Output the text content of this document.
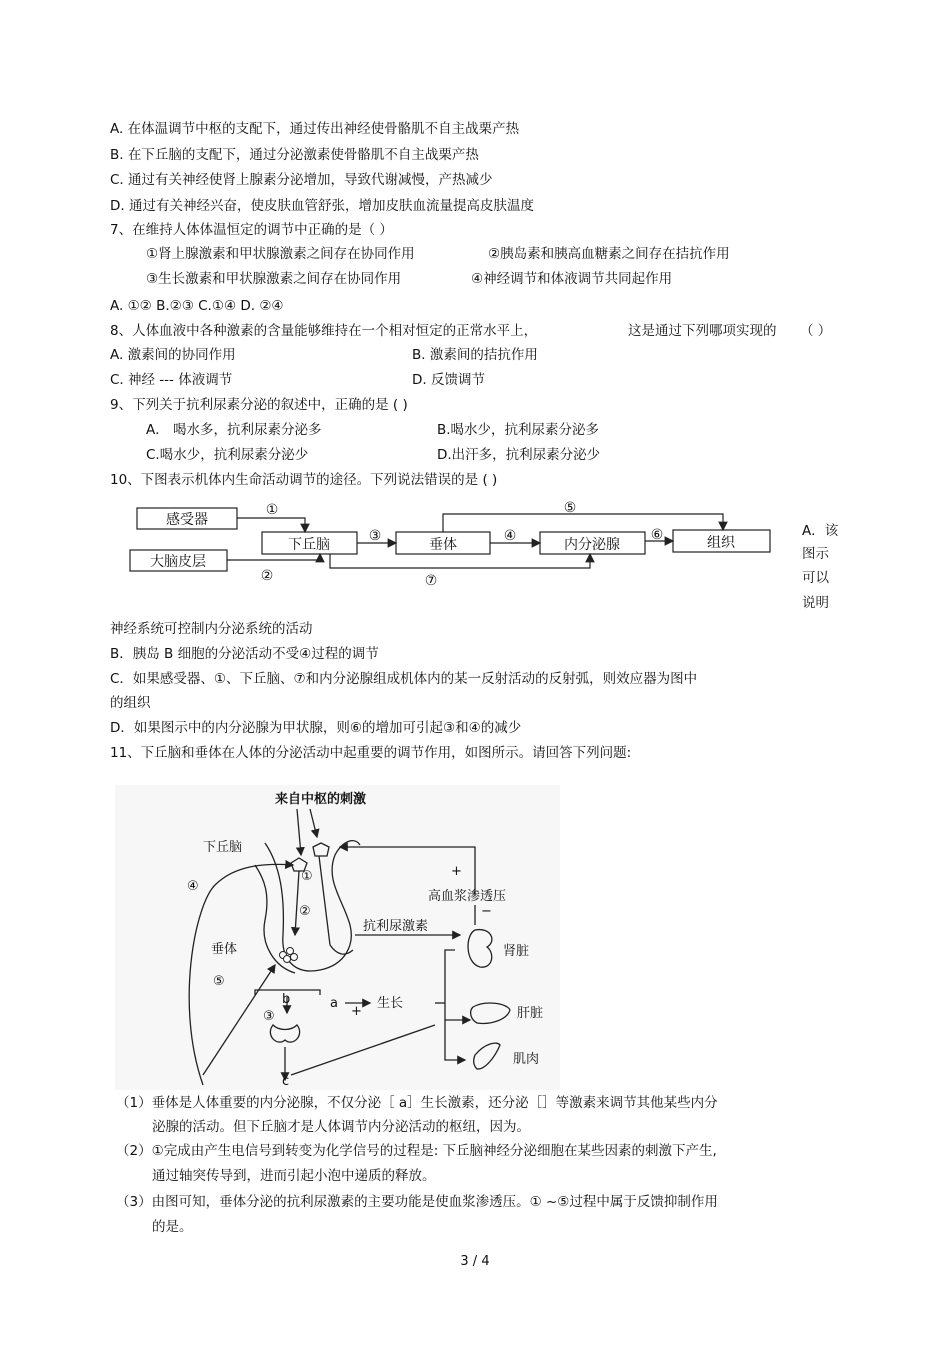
A. 在体温调节中枢的支配下，通过传出神经使骨骼肌不自主战栗产热
B. 在下丘脑的支配下，通过分泌激素使骨骼肌不自主战栗产热
C. 通过有关神经使肾上腺素分泌增加，导致代谢减慢，产热减少
D. 通过有关神经兴奋，使皮肤血管舒张，增加皮肤血流量提高皮肤温度
7、在维持人体体温恒定的调节中正确的是（ ）
①肾上腺激素和甲状腺激素之间存在协同作用	②胰岛素和胰高血糖素之间存在拮抗作用
③生长激素和甲状腺激素之间存在协同作用	④神经调节和体液调节共同起作用
A. ①② B.②③ C.①④ D. ②④
8、人体血液中各种激素的含量能够维持在一个相对恒定的正常水平上，	这是通过下列哪项实现的 （ ）
A. 激素间的协同作用	B. 激素间的拮抗作用
C. 神经 --- 体液调节	D. 反馈调节
9、下列关于抗利尿素分泌的叙述中，正确的是 ( )
A． 喝水多，抗利尿素分泌多	B.喝水少，抗利尿素分泌多
C.喝水少，抗利尿素分泌少	D.出汗多，抗利尿素分泌少
10、下图表示机体内生命活动调节的途径。下列说法错误的是 ( )
感受器
大脑皮层
下丘脑	垂体	内分泌腺	组织
①
②
③	④
⑤
⑥
⑦
A．该
图示
可以
说明
神经系统可控制内分泌系统的活动
B．胰岛 B 细胞的分泌活动不受④过程的调节
C．如果感受器、①、下丘脑、⑦和内分泌腺组成机体内的某一反射活动的反射弧，则效应器为图中
的组织
D．如果图示中的内分泌腺为甲状腺，则⑥的增加可引起③和④的减少
11、下丘脑和垂体在人体的分泌活动中起重要的调节作用，如图所示。请回答下列问题:
来自中枢的刺激
下丘脑
垂体
抗利尿激素
高血浆渗透压
肾脏
肝脏
肌肉
生长
+
−
+
a
b
c
①
②
③
④
⑤
（1）垂体是人体重要的内分泌腺，不仅分泌［ a］生长激素，还分泌［］等激素来调节其他某些内分
泌腺的活动。但下丘脑才是人体调节内分泌活动的枢纽，因为。
（2）①完成由产生电信号到转变为化学信号的过程是: 下丘脑神经分泌细胞在某些因素的刺激下产生,
通过轴突传导到，进而引起小泡中递质的释放。
（3）由图可知，垂体分泌的抗利尿激素的主要功能是使血浆渗透压。① ~⑤过程中属于反馈抑制作用
的是。
3 / 4
